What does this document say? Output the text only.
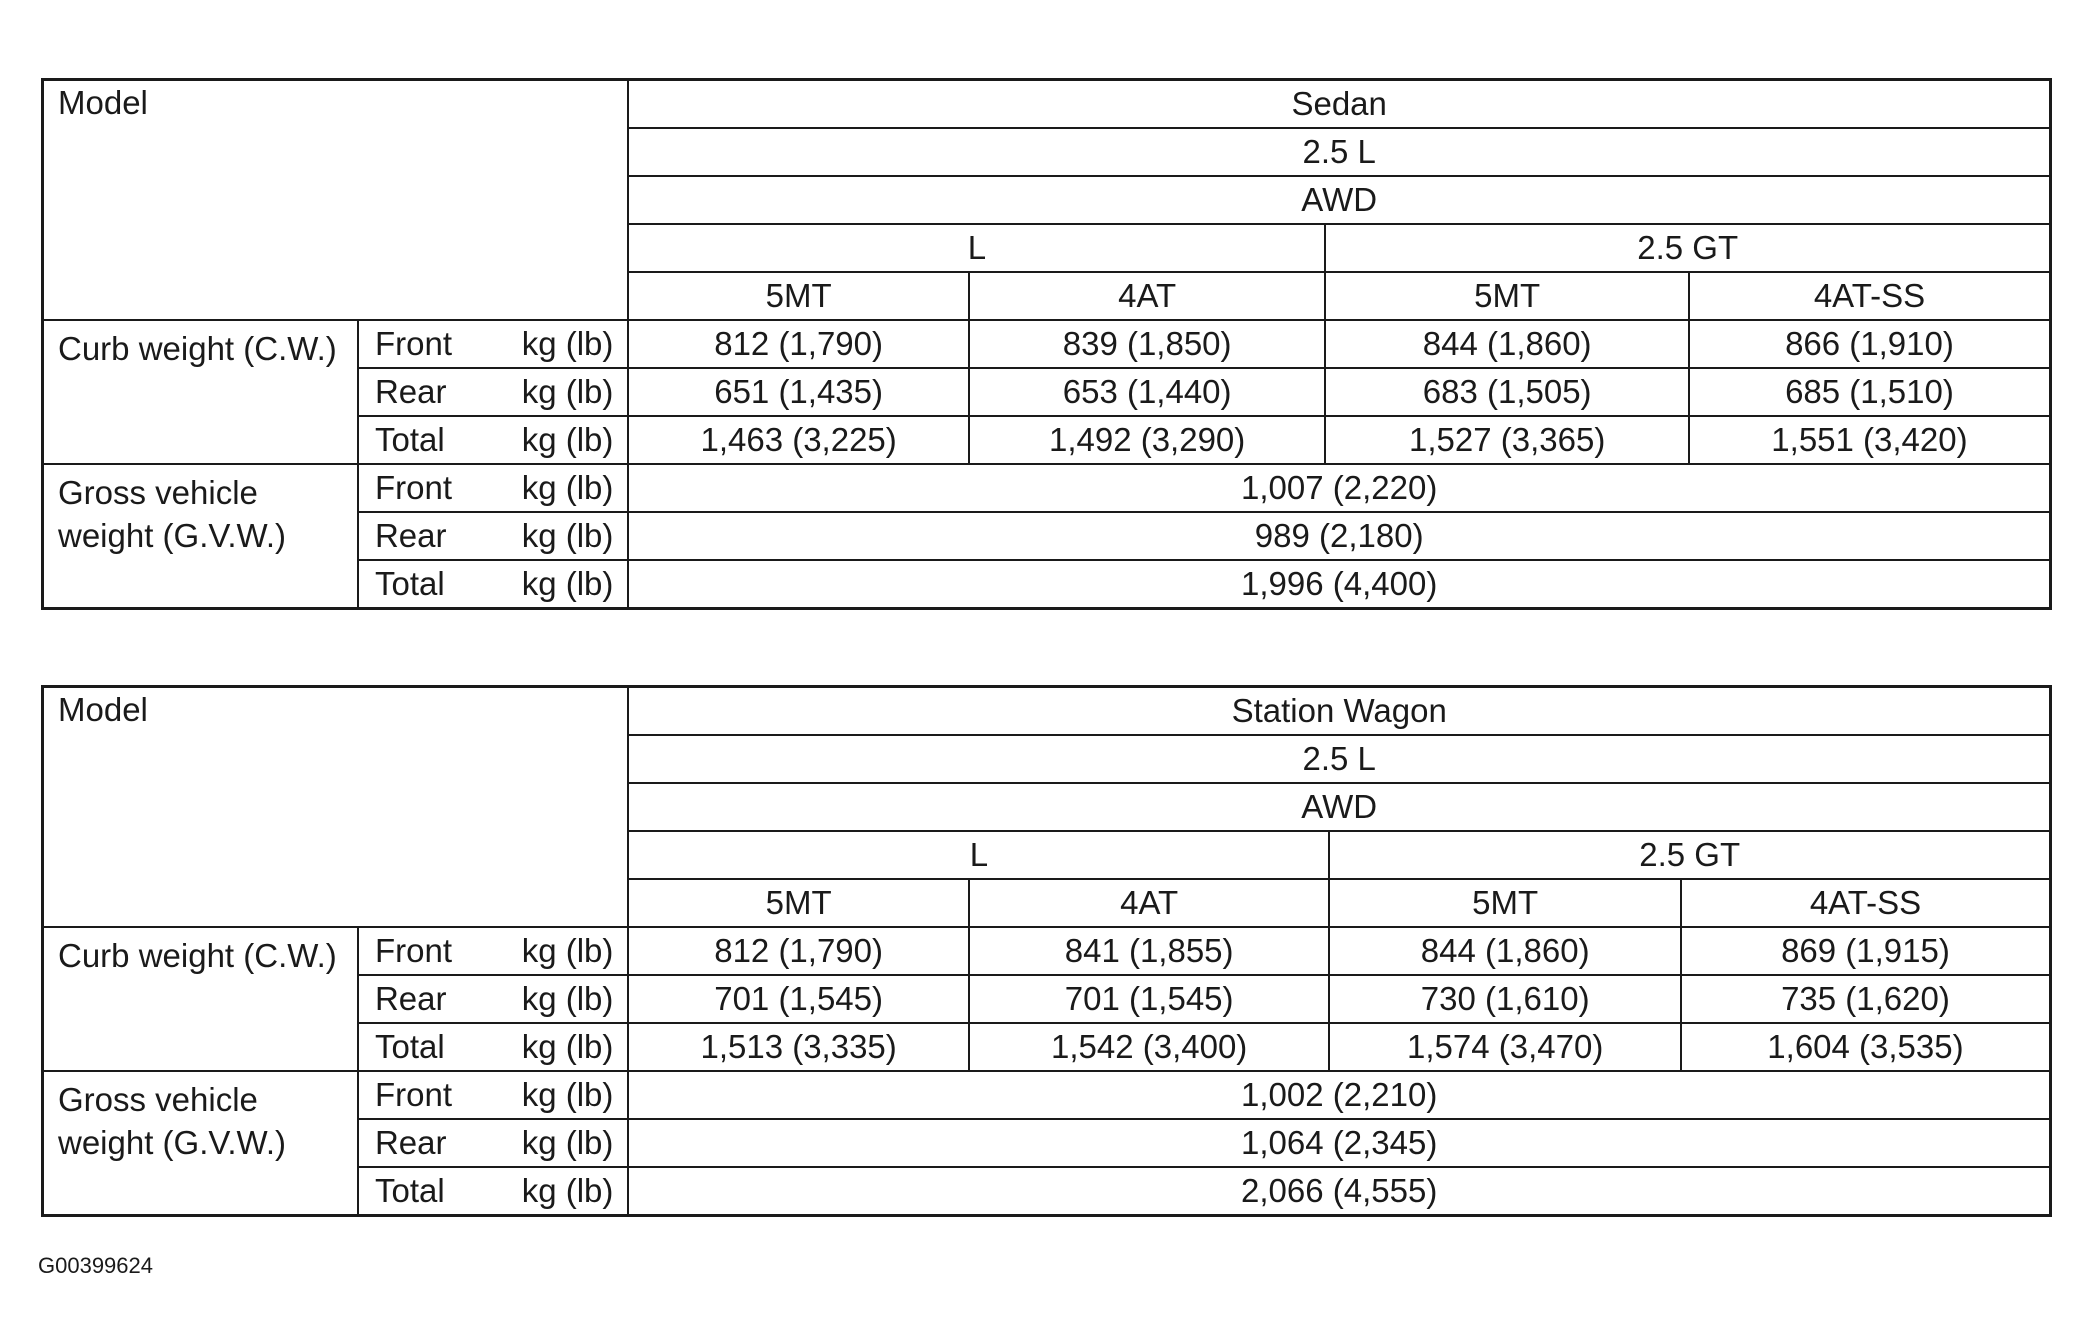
Model			Sedan			
			2.5 L			
			AWD			
			L		2.5 GT	
			5MT	4AT	5MT	4AT-SS
Curb weight (C.W.)	Front	kg (lb)	812 (1,790)	839 (1,850)	844 (1,860)	866 (1,910)
	Rear	kg (lb)	651 (1,435)	653 (1,440)	683 (1,505)	685 (1,510)
	Total	kg (lb)	1,463 (3,225)	1,492 (3,290)	1,527 (3,365)	1,551 (3,420)
Gross vehicle weight (G.V.W.)	Front	kg (lb)	1,007 (2,220)			
	Rear	kg (lb)	989 (2,180)			
	Total	kg (lb)	1,996 (4,400)			
Model			Station Wagon			
			2.5 L			
			AWD			
			L		2.5 GT	
			5MT	4AT	5MT	4AT-SS
Curb weight (C.W.)	Front	kg (lb)	812 (1,790)	841 (1,855)	844 (1,860)	869 (1,915)
	Rear	kg (lb)	701 (1,545)	701 (1,545)	730 (1,610)	735 (1,620)
	Total	kg (lb)	1,513 (3,335)	1,542 (3,400)	1,574 (3,470)	1,604 (3,535)
Gross vehicle weight (G.V.W.)	Front	kg (lb)	1,002 (2,210)			
	Rear	kg (lb)	1,064 (2,345)			
	Total	kg (lb)	2,066 (4,555)			
G00399624
